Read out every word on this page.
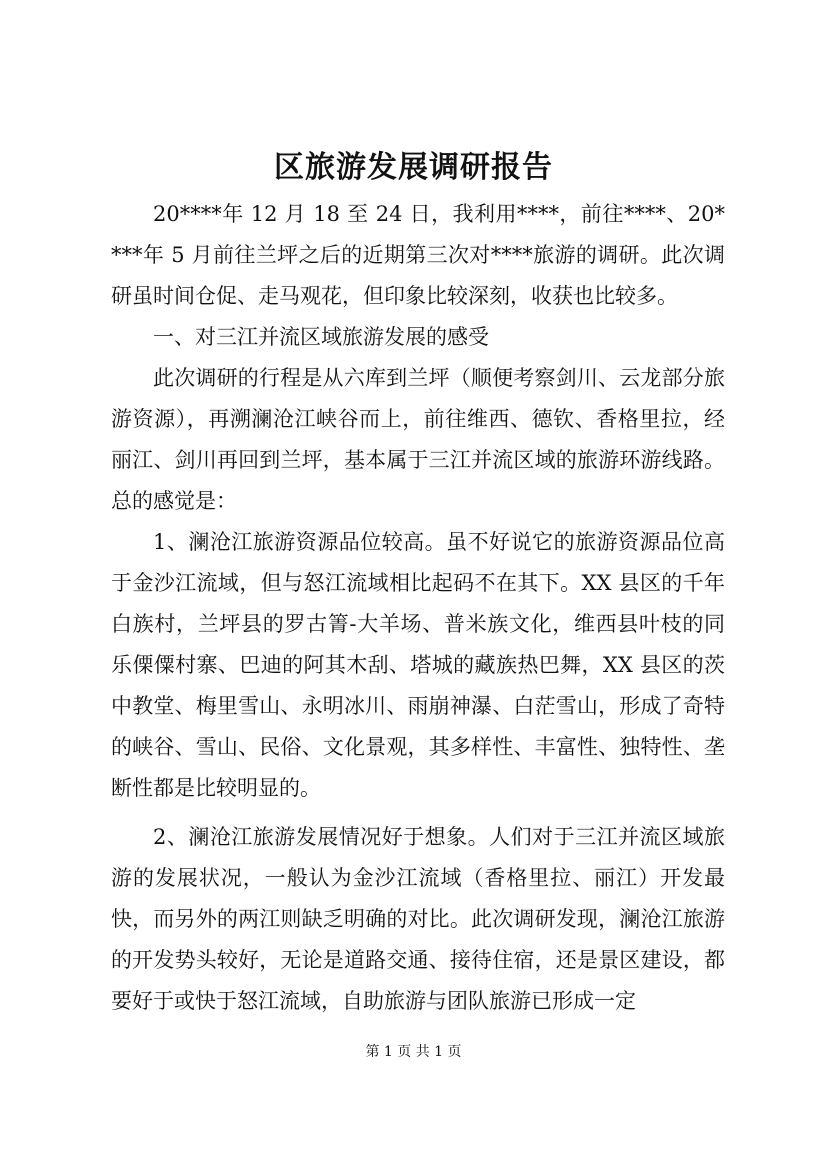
区旅游发展调研报告

20****年 12 月 18 至 24 日，我利用****，前往****、20****年 5 月前往兰坪之后的近期第三次对****旅游的调研。此次调研虽时间仓促、走马观花，但印象比较深刻，收获也比较多。

一、对三江并流区域旅游发展的感受

此次调研的行程是从六库到兰坪（顺便考察剑川、云龙部分旅游资源），再溯澜沧江峡谷而上，前往维西、德钦、香格里拉，经丽江、剑川再回到兰坪，基本属于三江并流区域的旅游环游线路。总的感觉是：

1、澜沧江旅游资源品位较高。虽不好说它的旅游资源品位高于金沙江流域，但与怒江流域相比起码不在其下。XX 县区的千年白族村，兰坪县的罗古箐-大羊场、普米族文化，维西县叶枝的同乐傈僳村寨、巴迪的阿其木刮、塔城的藏族热巴舞，XX 县区的茨中教堂、梅里雪山、永明冰川、雨崩神瀑、白茫雪山，形成了奇特的峡谷、雪山、民俗、文化景观，其多样性、丰富性、独特性、垄断性都是比较明显的。

2、澜沧江旅游发展情况好于想象。人们对于三江并流区域旅游的发展状况，一般认为金沙江流域（香格里拉、丽江）开发最快，而另外的两江则缺乏明确的对比。此次调研发现，澜沧江旅游的开发势头较好，无论是道路交通、接待住宿，还是景区建设，都要好于或快于怒江流域，自助旅游与团队旅游已形成一定

第 1 页 共 1 页
